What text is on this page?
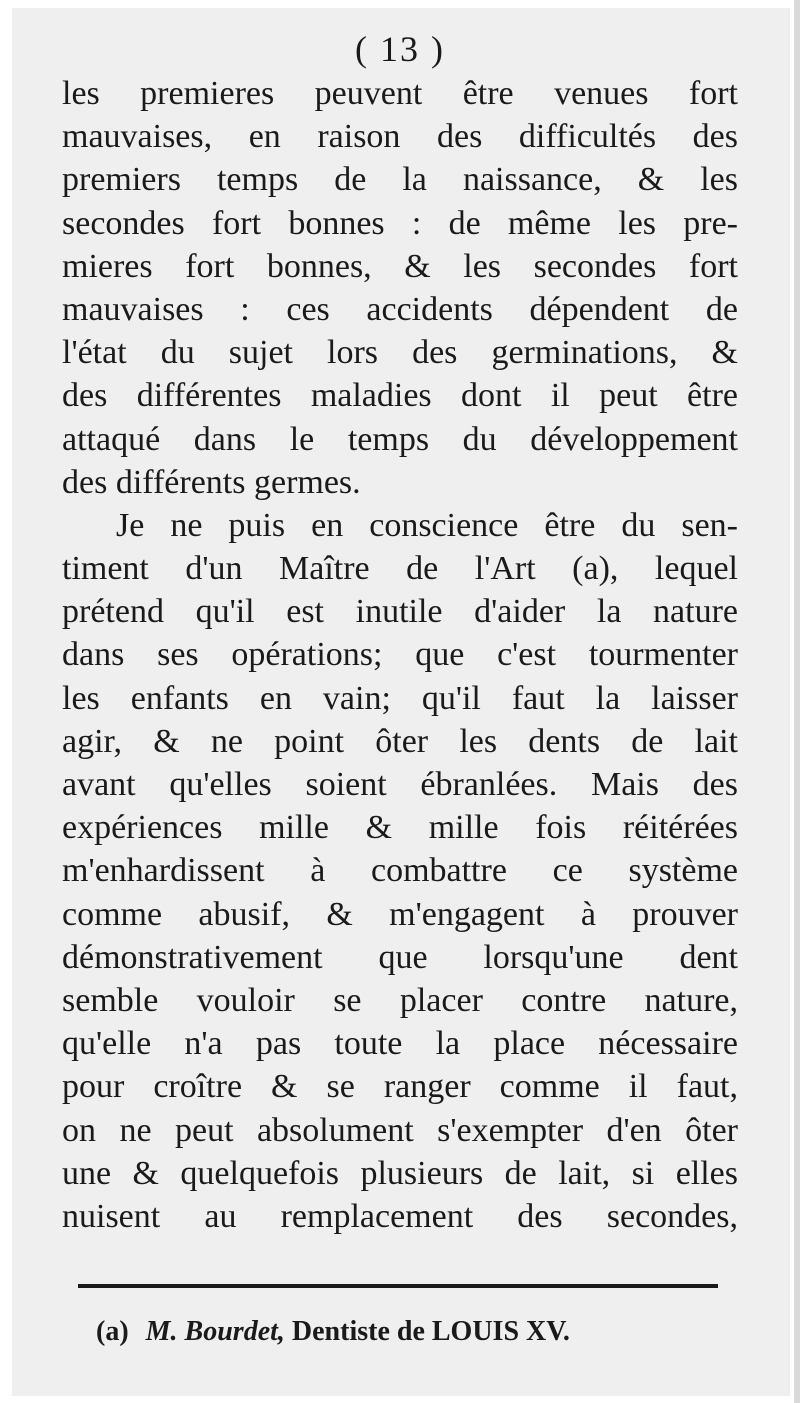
( 13 )
les premieres peuvent être venues fort
mauvaises, en raison des difficultés des
premiers temps de la naissance, & les
secondes fort bonnes : de même les pre-
mieres fort bonnes, & les secondes fort
mauvaises : ces accidents dépendent de
l'état du sujet lors des germinations, &
des différentes maladies dont il peut être
attaqué dans le temps du développement
des différents germes.
Je ne puis en conscience être du sen-
timent d'un Maître de l'Art (a), lequel
prétend qu'il est inutile d'aider la nature
dans ses opérations; que c'est tourmenter
les enfants en vain; qu'il faut la laisser
agir, & ne point ôter les dents de lait
avant qu'elles soient ébranlées. Mais des
expériences mille & mille fois réitérées
m'enhardissent à combattre ce système
comme abusif, & m'engagent à prouver
démonstrativement que lorsqu'une dent
semble vouloir se placer contre nature,
qu'elle n'a pas toute la place nécessaire
pour croître & se ranger comme il faut,
on ne peut absolument s'exempter d'en ôter
une & quelquefois plusieurs de lait, si elles
nuisent au remplacement des secondes,
(a) M. Bourdet, Dentiste de LOUIS XV.
